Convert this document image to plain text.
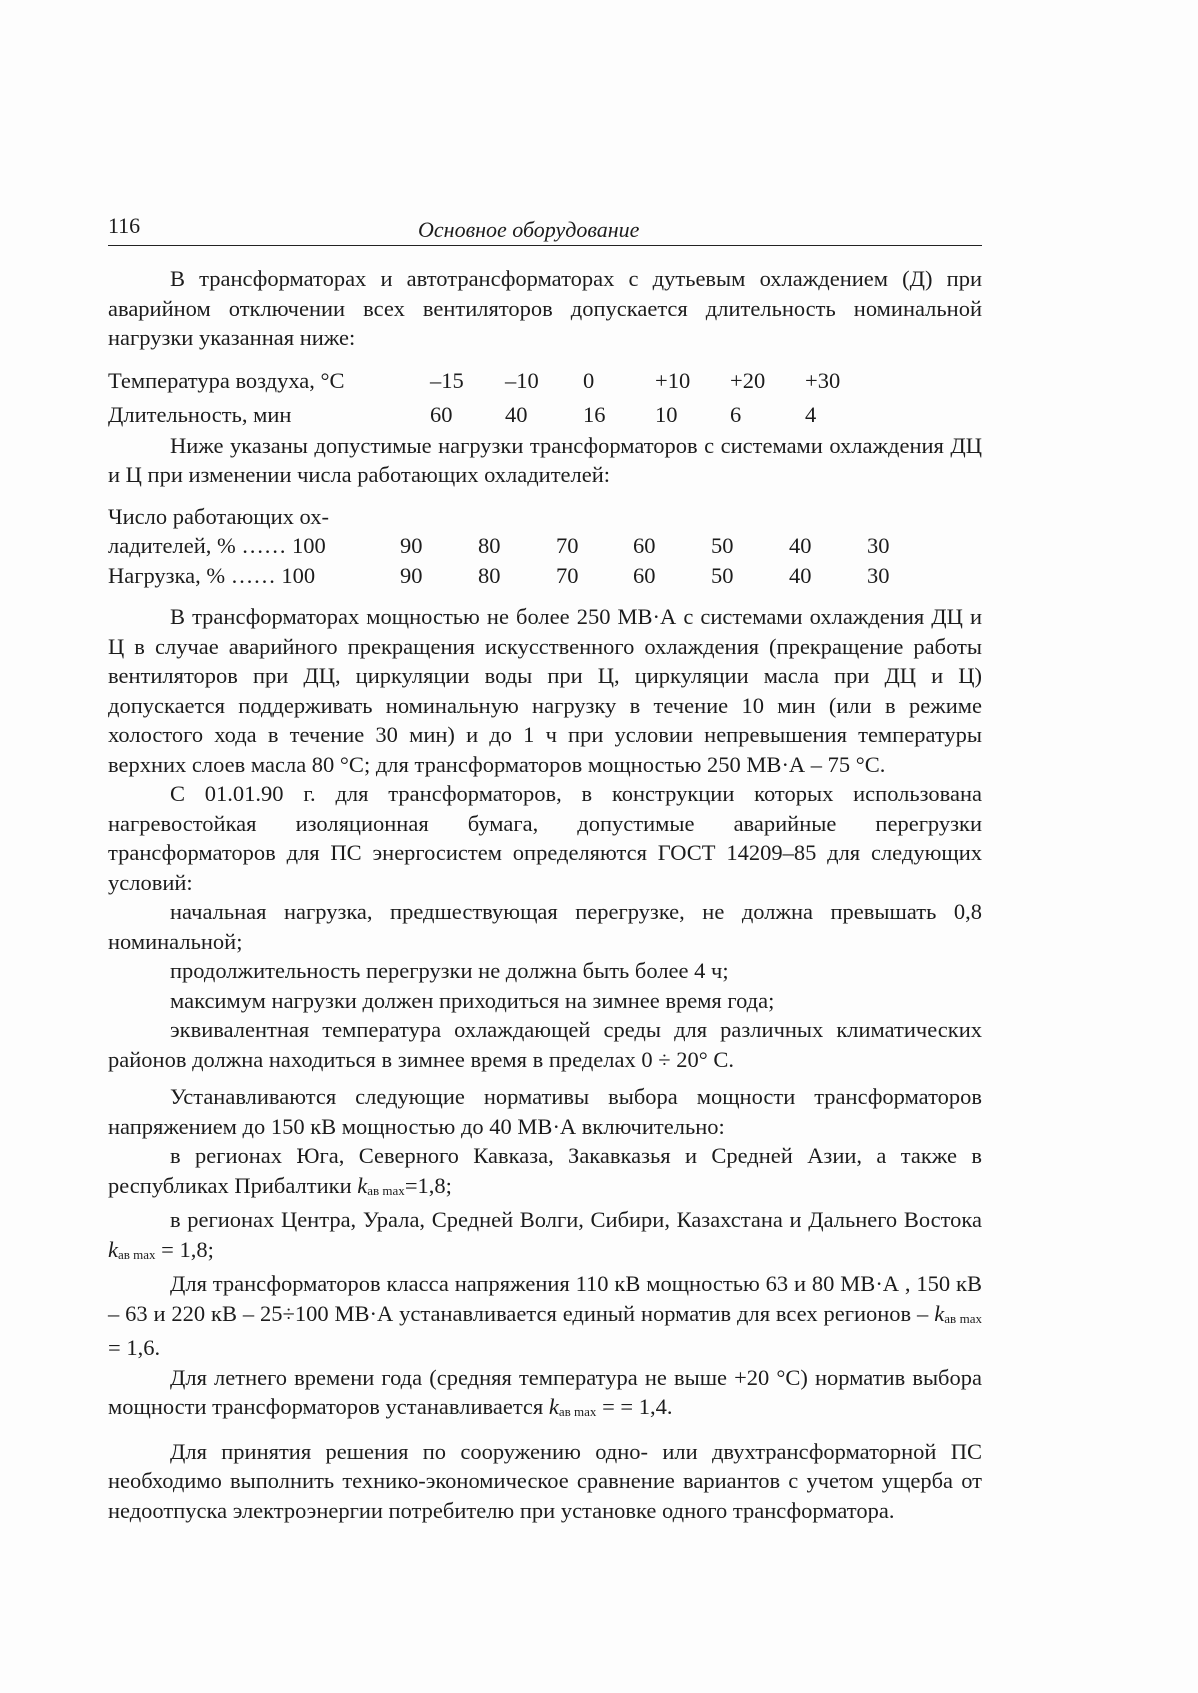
116	Основное оборудование

В трансформаторах и автотрансформаторах с дутьевым охлаждением (Д) при аварийном отключении всех вентиляторов допускается длительность номинальной нагрузки указанная ниже:

Температура воздуха, °С	–15	–10	0	+10	+20	+30
Длительность, мин	60	40	16	10	6	4

Ниже указаны допустимые нагрузки трансформаторов с системами охлаждения ДЦ и Ц при изменении числа работающих охладителей:

Число работающих ох-
ладителей, % …… 100	90	80	70	60	50	40	30
Нагрузка, % …… 100	90	80	70	60	50	40	30

В трансформаторах мощностью не более 250 МВ·А с системами охлаждения ДЦ и Ц в случае аварийного прекращения искусственного охлаждения (прекращение работы вентиляторов при ДЦ, циркуляции воды при Ц, циркуляции масла при ДЦ и Ц) допускается поддерживать номинальную нагрузку в течение 10 мин (или в режиме холостого хода в течение 30 мин) и до 1 ч при условии непревышения температуры верхних слоев масла 80 °С; для трансформаторов мощностью 250 МВ·А – 75 °С.

С 01.01.90 г. для трансформаторов, в конструкции которых использована нагревостойкая изоляционная бумага, допустимые аварийные перегрузки трансформаторов для ПС энергосистем определяются ГОСТ 14209–85 для следующих условий:

начальная нагрузка, предшествующая перегрузке, не должна превышать 0,8 номинальной;

продолжительность перегрузки не должна быть более 4 ч;

максимум нагрузки должен приходиться на зимнее время года;

эквивалентная температура охлаждающей среды для различных климатических районов должна находиться в зимнее время в пределах 0 ÷ 20° С.

Устанавливаются следующие нормативы выбора мощности трансформаторов напряжением до 150 кВ мощностью до 40 МВ·А включительно:

в регионах Юга, Северного Кавказа, Закавказья и Средней Азии, а также в республиках Прибалтики $k_{ав max}=1,8$;

в регионах Центра, Урала, Средней Волги, Сибири, Казахстана и Дальнего Востока $k_{ав max} = 1,8$;

Для трансформаторов класса напряжения 110 кВ мощностью 63 и 80 МВ·А , 150 кВ – 63 и 220 кВ – 25÷100 МВ·А устанавливается единый норматив для всех регионов – $k_{ав max} = 1,6$.

Для летнего времени года (средняя температура не выше +20 °С) норматив выбора мощности трансформаторов устанавливается $k_{ав max}$ = = 1,4.

Для принятия решения по сооружению одно- или двухтрансформаторной ПС необходимо выполнить технико-экономическое сравнение вариантов с учетом ущерба от недоотпуска электроэнергии потребителю при установке одного трансформатора.
